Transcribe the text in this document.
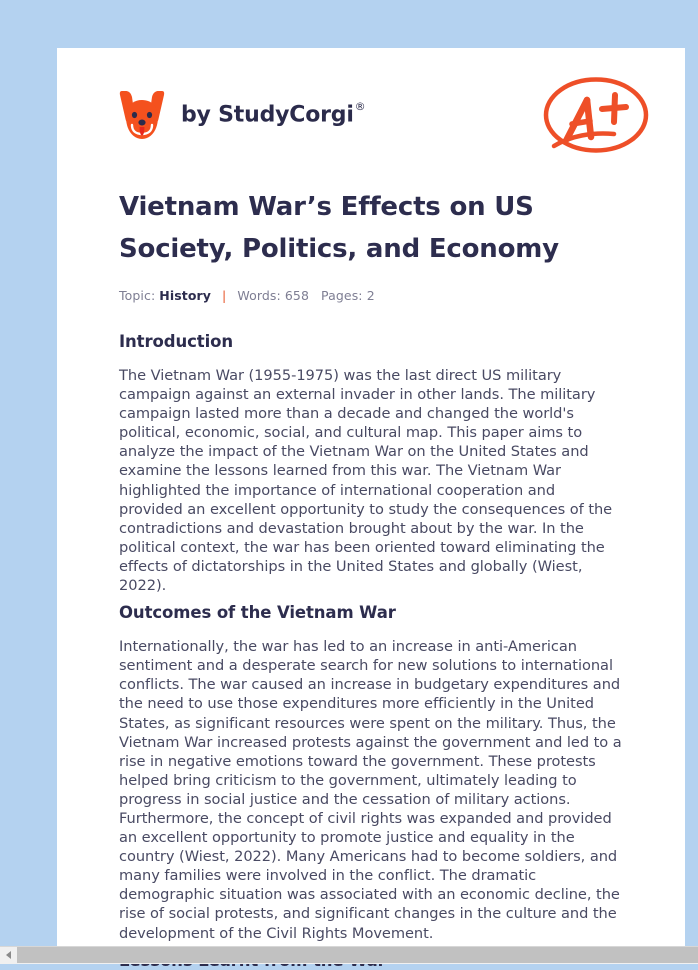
by StudyCorgi®
Vietnam War’s Effects on US Society, Politics, and Economy
Topic: History | Words: 658 Pages: 2
Introduction

The Vietnam War (1955-1975) was the last direct US military campaign against an external invader in other lands. The military campaign lasted more than a decade and changed the world's political, economic, social, and cultural map. This paper aims to analyze the impact of the Vietnam War on the United States and examine the lessons learned from this war. The Vietnam War highlighted the importance of international cooperation and provided an excellent opportunity to study the consequences of the contradictions and devastation brought about by the war. In the political context, the war has been oriented toward eliminating the effects of dictatorships in the United States and globally (Wiest, 2022).

Outcomes of the Vietnam War

Internationally, the war has led to an increase in anti-American sentiment and a desperate search for new solutions to international conflicts. The war caused an increase in budgetary expenditures and the need to use those expenditures more efficiently in the United States, as significant resources were spent on the military. Thus, the Vietnam War increased protests against the government and led to a rise in negative emotions toward the government. These protests helped bring criticism to the government, ultimately leading to progress in social justice and the cessation of military actions. Furthermore, the concept of civil rights was expanded and provided an excellent opportunity to promote justice and equality in the country (Wiest, 2022). Many Americans had to become soldiers, and many families were involved in the conflict. The dramatic demographic situation was associated with an economic decline, the rise of social protests, and significant changes in the culture and the development of the Civil Rights Movement.
